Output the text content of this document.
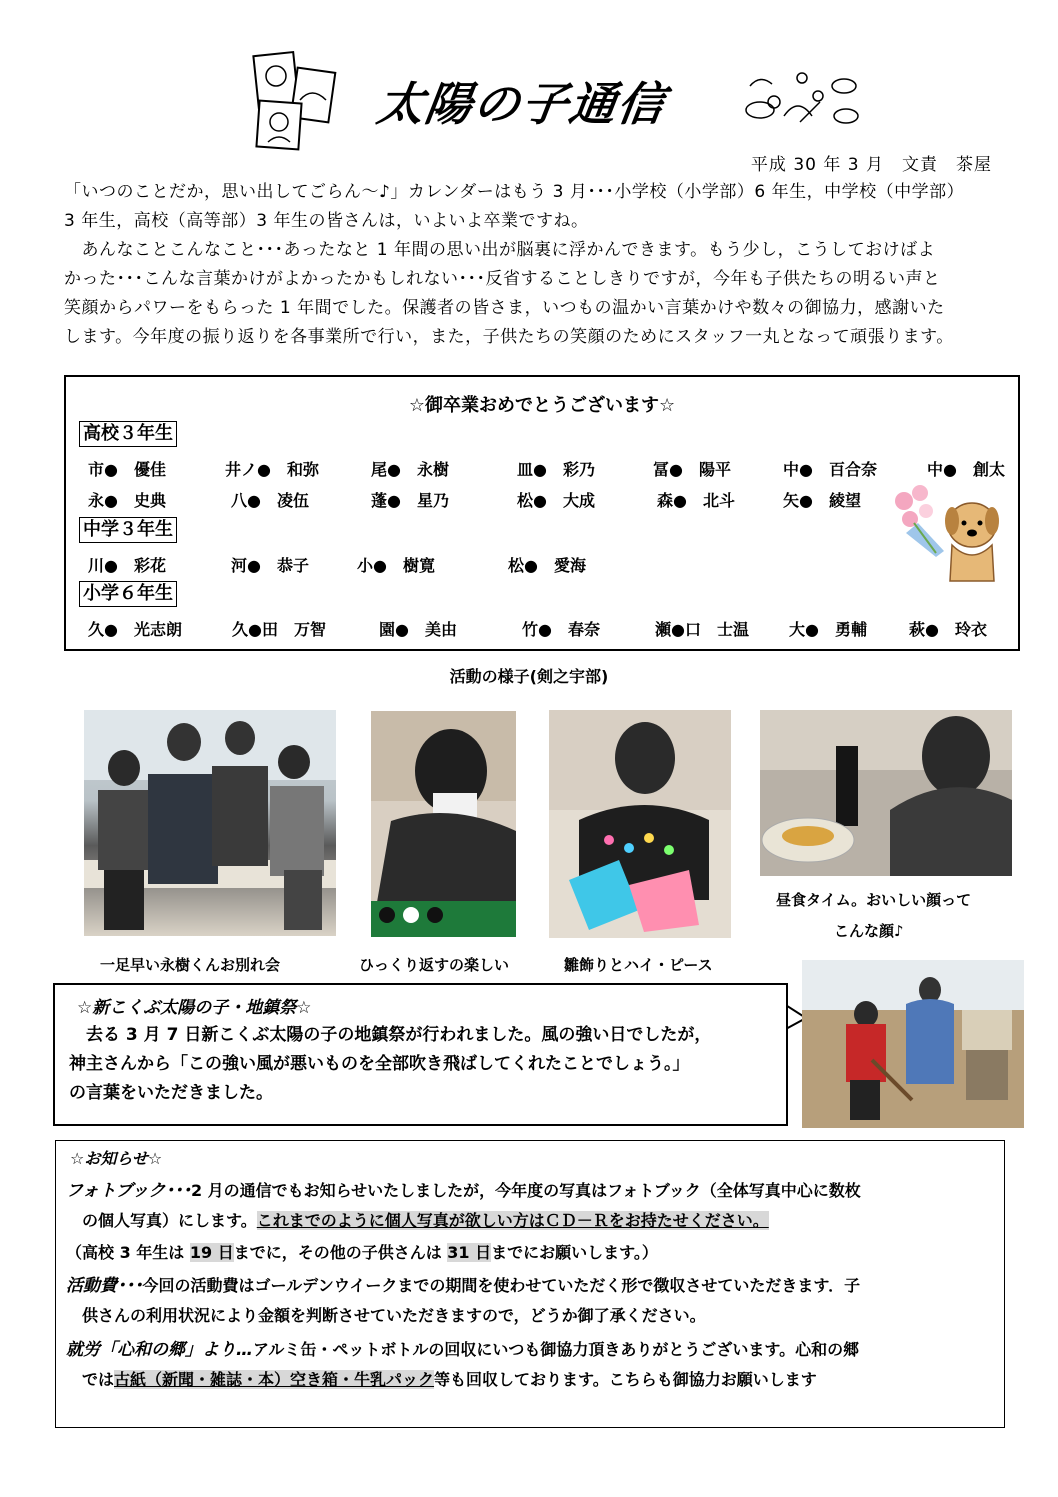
太陽の子通信
平成 30 年 3 月　文責　茶屋

「いつのことだか，思い出してごらん～♪」カレンダーはもう 3 月･･･小学校（小学部）6 年生，中学校（中学部）

3 年生，高校（高等部）3 年生の皆さんは，いよいよ卒業ですね。

　あんなことこんなこと･･･あったなと 1 年間の思い出が脳裏に浮かんできます。もう少し，こうしておけばよ

かった･･･こんな言葉かけがよかったかもしれない･･･反省することしきりですが，今年も子供たちの明るい声と

笑顔からパワーをもらった 1 年間でした。保護者の皆さま，いつもの温かい言葉かけや数々の御協力，感謝いた

します。今年度の振り返りを各事業所で行い，また，子供たちの笑顔のためにスタッフ一丸となって頑張ります。

☆御卒業おめでとうございます☆
高校３年生
市●　優佳	井ノ●　和弥	尾●　永樹	皿●　彩乃	冨●　陽平	中●　百合奈	中●　創太
永●　史典	八●　凌伍	蓬●　星乃	松●　大成	森●　北斗	矢●　綾望
中学３年生
川●　彩花	河●　恭子	小●　樹寛	松●　愛海
小学６年生
久●　光志朗	久●田　万智	園●　美由	竹●　春奈	瀬●口　士温	大●　勇輔	萩●　玲衣
活動の様子(剣之宇部)
一足早い永樹くんお別れ会	ひっくり返すの楽しい	雛飾りとハイ・ピース
昼食タイム。おいしい顔って
こんな顔♪
☆新こくぶ太陽の子・地鎮祭☆

　去る 3 月 7 日新こくぶ太陽の子の地鎮祭が行われました。風の強い日でしたが，

神主さんから「この強い風が悪いものを全部吹き飛ばしてくれたことでしょう。」

の言葉をいただきました。

☆お知らせ☆
フォトブック･･･2 月の通信でもお知らせいたしましたが，今年度の写真はフォトブック（全体写真中心に数枚
　の個人写真）にします。これまでのように個人写真が欲しい方はＣＤ－Ｒをお持たせください。
（高校 3 年生は 19 日までに，その他の子供さんは 31 日までにお願いします。）
活動費･･･今回の活動費はゴールデンウイークまでの期間を使わせていただく形で徴収させていただきます．子
　供さんの利用状況により金額を判断させていただきますので，どうか御了承ください。
就労「心和の郷」より…アルミ缶・ペットボトルの回収にいつも御協力頂きありがとうございます。心和の郷
　では古紙（新聞・雑誌・本）空き箱・牛乳パック等も回収しております。こちらも御協力お願いします
